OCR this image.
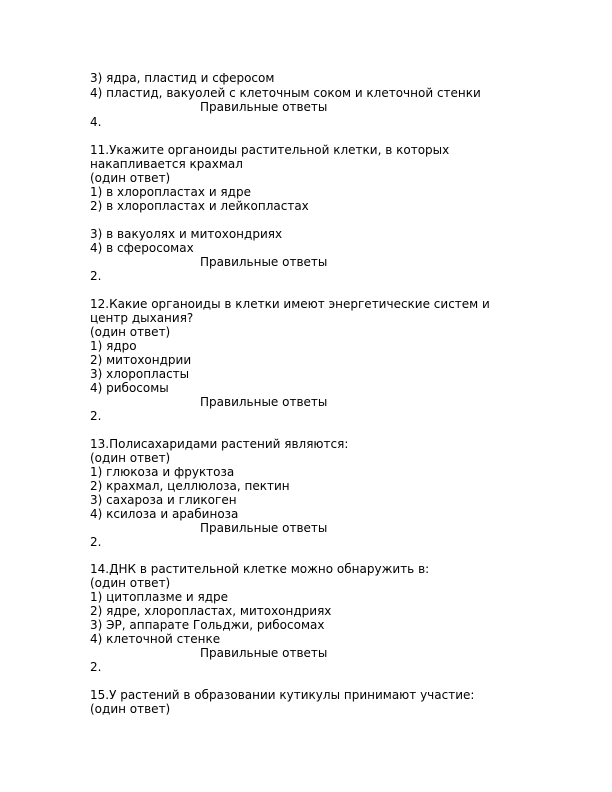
3) ядра, пластид и сферосом
4) пластид, вакуолей с клеточным соком и клеточной стенки
Правильные ответы
4.
11.Укажите органоиды растительной клетки, в которых
накапливается крахмал
(один ответ)
1) в хлоропластах и ядре
2) в хлоропластах и лейкопластах
3) в вакуолях и митохондриях
4) в сферосомах
Правильные ответы
2.
12.Какие органоиды в клетки имеют энергетические систем и
центр дыхания?
(один ответ)
1) ядро
2) митохондрии
3) хлоропласты
4) рибосомы
Правильные ответы
2.
13.Полисахаридами растений являются:
(один ответ)
1) глюкоза и фруктоза
2) крахмал, целлюлоза, пектин
3) сахароза и гликоген
4) ксилоза и арабиноза
Правильные ответы
2.
14.ДНК в растительной клетке можно обнаружить в:
(один ответ)
1) цитоплазме и ядре
2) ядре, хлоропластах, митохондриях
3) ЭР, аппарате Гольджи, рибосомах
4) клеточной стенке
Правильные ответы
2.
15.У растений в образовании кутикулы принимают участие:
(один ответ)
